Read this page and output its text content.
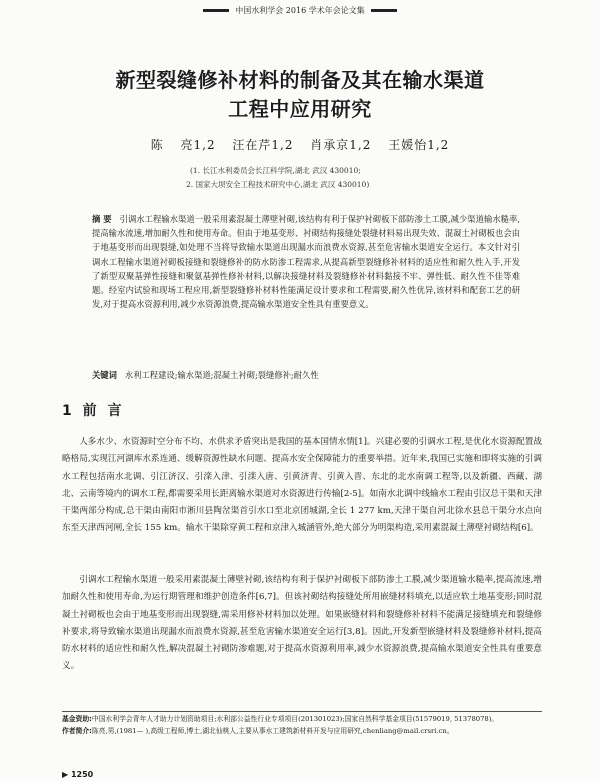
中国水利学会 2016 学术年会论文集
新型裂缝修补材料的制备及其在输水渠道
工程中应用研究
陈 亮1,2 汪在芹1,2 肖承京1,2 王媛怡1,2
(1. 长江水利委员会长江科学院,湖北 武汉 430010;
2. 国家大坝安全工程技术研究中心,湖北 武汉 430010)
摘 要 引调水工程输水渠道一般采用素混凝土薄壁衬砌,该结构有利于保护衬砌板下部防渗土工膜,减少渠道输水糙率,提高输水流速,增加耐久性和使用寿命。但由于地基变形、衬砌结构接缝处裂缝材料易出现失效、混凝土衬砌板也会由于地基变形而出现裂缝,如处理不当将导致输水渠道出现漏水而浪费水资源,甚至危害输水渠道安全运行。本文针对引调水工程输水渠道衬砌板接缝和裂缝修补的防水防渗工程需求,从提高新型裂缝修补材料的适应性和耐久性入手,开发了新型双聚基弹性接缝和聚氨基弹性修补材料,以解决接缝材料及裂缝修补材料黏接不牢、弹性低、耐久性不佳等难题。经室内试验和现场工程应用,新型裂缝修补材料性能满足设计要求和工程需要,耐久性优异,该材料和配套工艺的研发,对于提高水资源利用,减少水资源浪费,提高输水渠道安全性具有重要意义。
关键词 水利工程建设;输水渠道;混凝土衬砌;裂缝修补;耐久性
1 前 言

人多水少、水资源时空分布不均、水供求矛盾突出是我国的基本国情水情[1]。兴建必要的引调水工程,是优化水资源配置战略格局,实现江河湖库水系连通、缓解资源性缺水问题、提高水安全保障能力的重要举措。近年来,我国已实施和即将实施的引调水工程包括南水北调、引江济汉、引滦入津、引滦入唐、引黄济青、引黄入晋、东北的北水南调工程等,以及新疆、西藏、湖北、云南等境内的调水工程,都需要采用长距离输水渠道对水资源进行传输[2-5]。如南水北调中线输水工程由引汉总干渠和天津干渠两部分构成,总干渠由南阳市淅川县陶岔渠首引水口至北京团城湖,全长 1 277 km,天津干渠自河北徐水县总干渠分水点向东至天津西河闸,全长 155 km。输水干渠除穿黄工程和京津入城涵管外,绝大部分为明渠构造,采用素混凝土薄壁衬砌结构[6]。

引调水工程输水渠道一般采用素混凝土薄壁衬砌,该结构有利于保护衬砌板下部防渗土工膜,减少渠道输水糙率,提高流速,增加耐久性和使用寿命,为运行期管理和维护创造条件[6,7]。但该衬砌结构接缝处所用嵌缝材料填充,以适应软土地基变形;同时混凝土衬砌板也会由于地基变形而出现裂缝,需采用修补材料加以处理。如果嵌缝材料和裂缝修补材料不能满足接缝填充和裂缝修补要求,将导致输水渠道出现漏水而浪费水资源,甚至危害输水渠道安全运行[3,8]。因此,开发新型嵌缝材料及裂缝修补材料,提高防水材料的适应性和耐久性,解决混凝土衬砌防渗难题,对于提高水资源利用率,减少水资源浪费,提高输水渠道安全性具有重要意义。

基金资助:中国水利学会青年人才助力计划资助项目;水利部公益性行业专项项目(201301023);国家自然科学基金项目(51579019, 51378078)。

作者简介:陈亮,男,(1981— ),高级工程师,博士,湖北仙桃人,主要从事水工建筑新材料开发与应用研究,chenliang@mail.crsri.cn。

▶ 1250
